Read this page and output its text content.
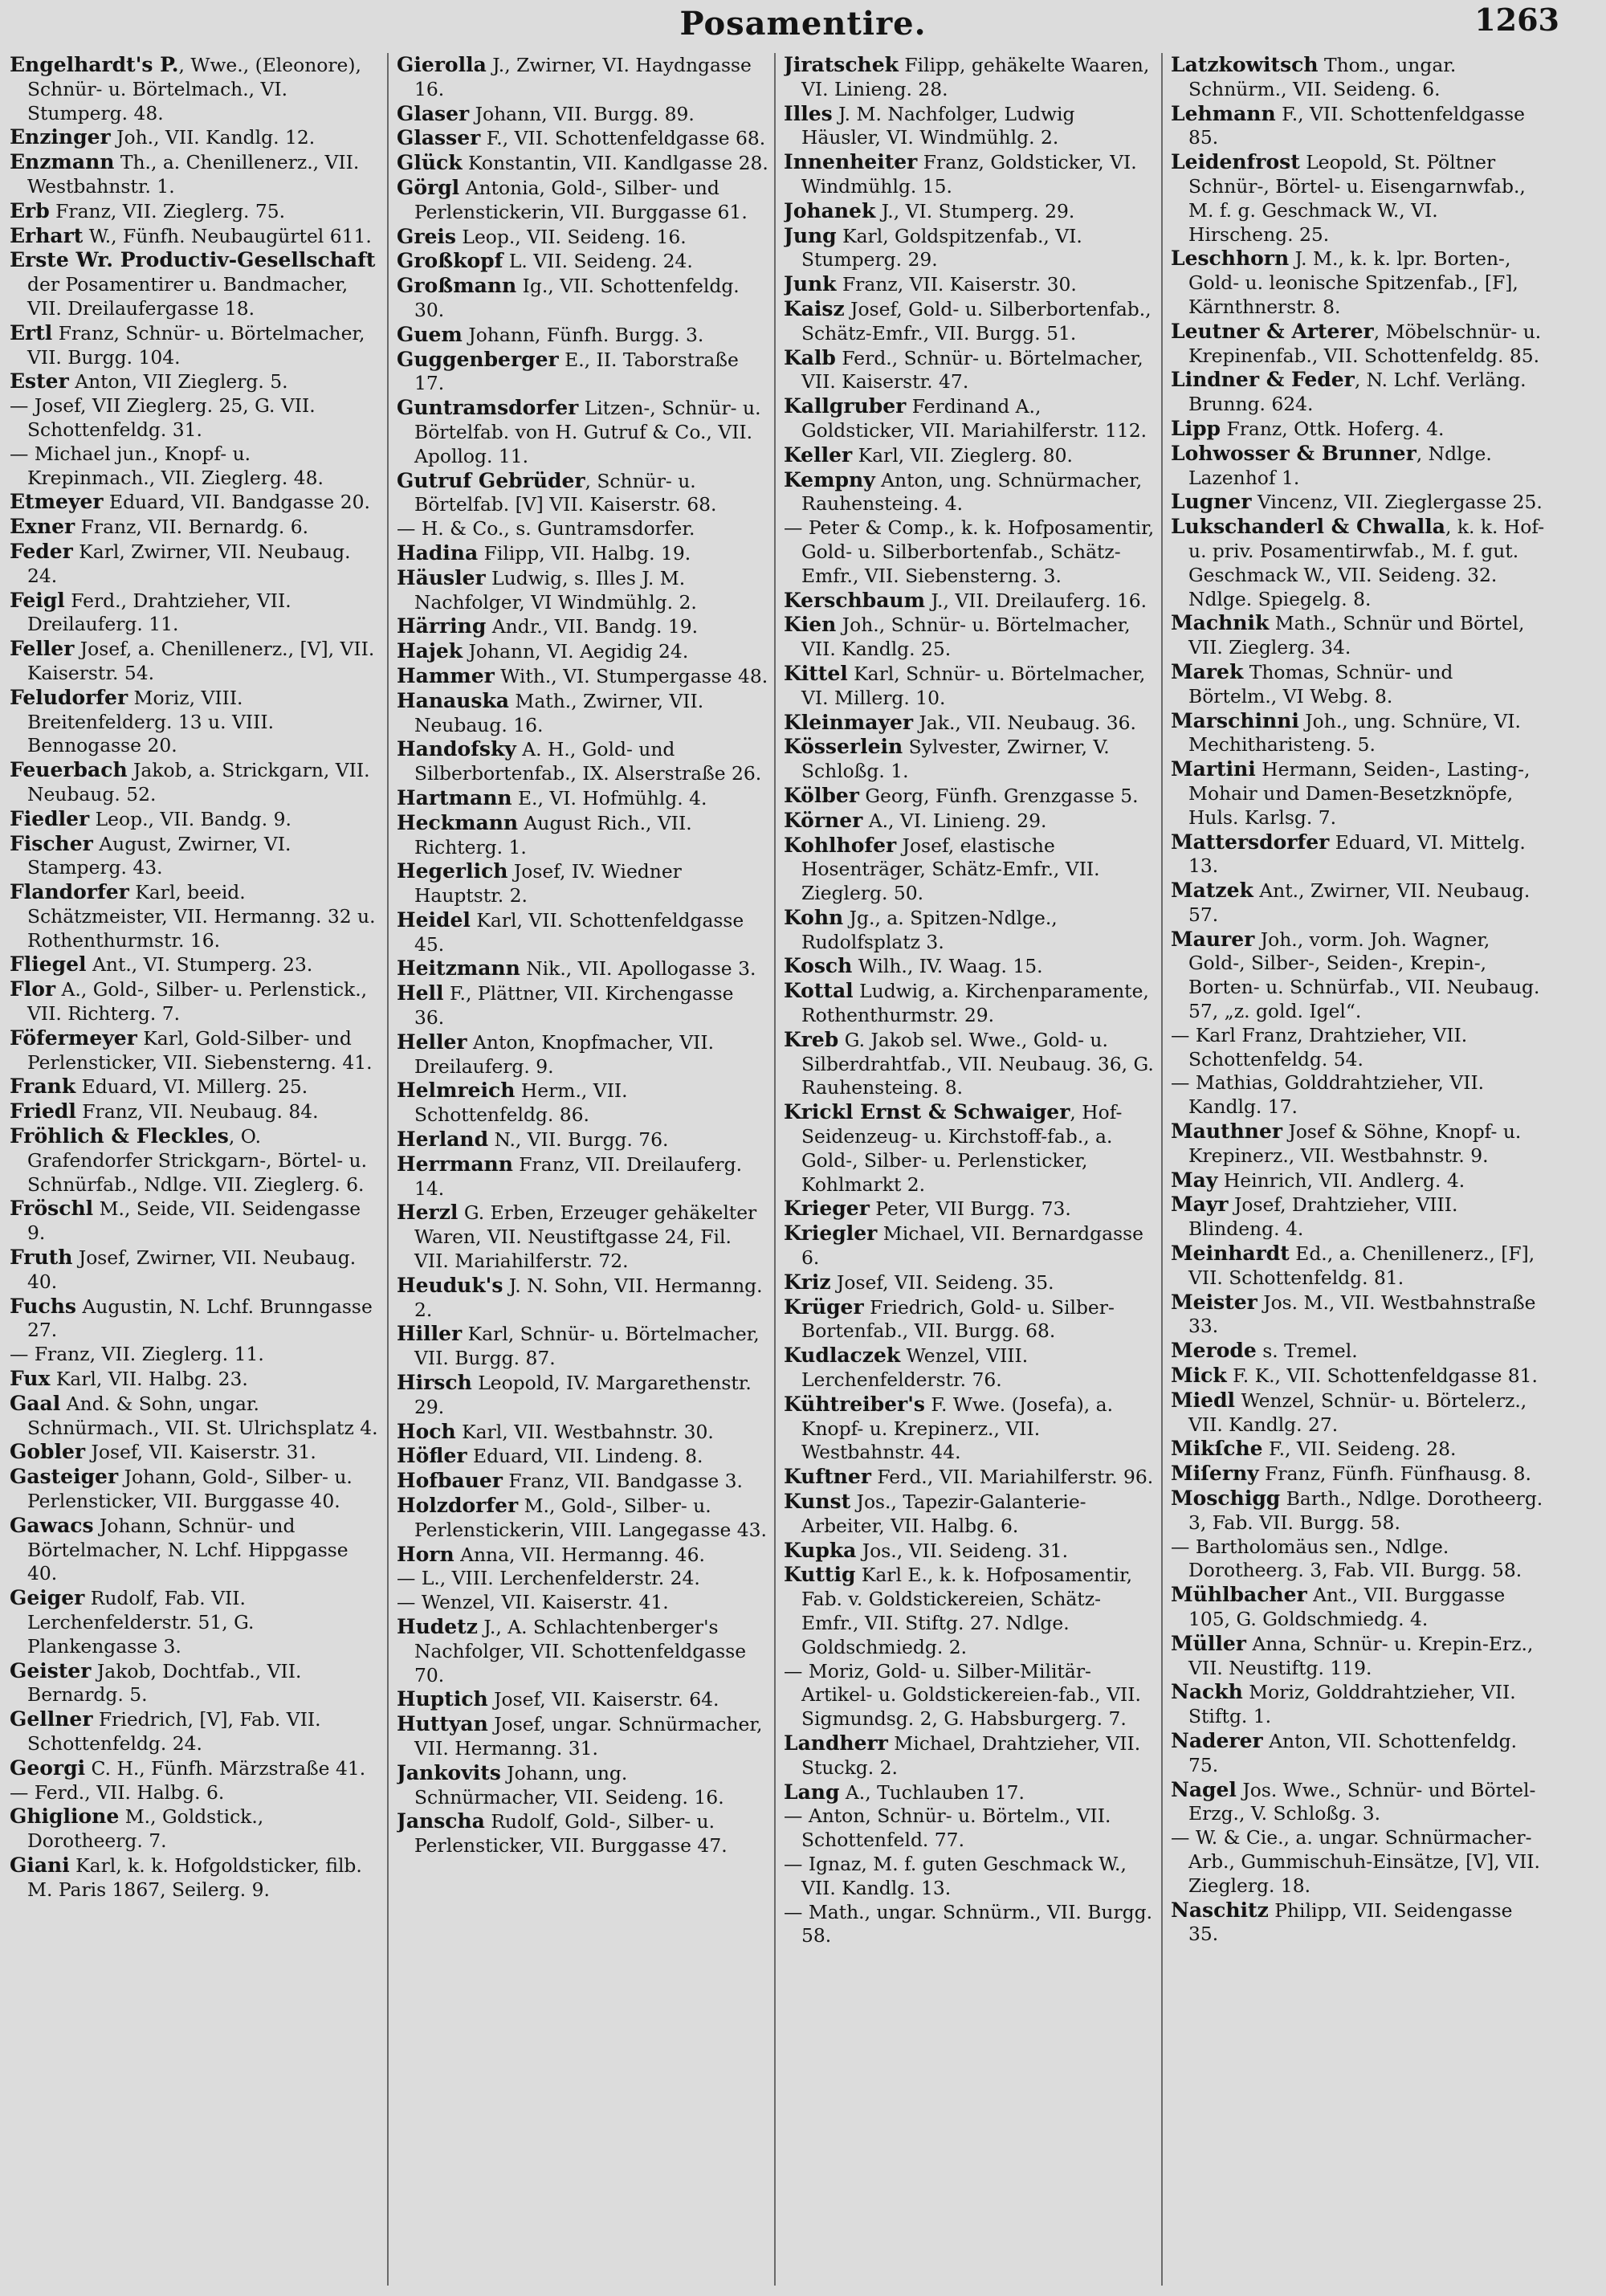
Posamentire.	1263

Engelhardt's P., Wwe., (Eleonore), Schnür- u. Börtelmach., VI. Stumperg. 48.

Enzinger Joh., VII. Kandlg. 12.

Enzmann Th., a. Chenillenerz., VII. Westbahnstr. 1.

Erb Franz, VII. Zieglerg. 75.

Erhart W., Fünfh. Neubaugürtel 611.

Erste Wr. Productiv-Gesellschaft der Posamentirer u. Bandmacher, VII. Dreilaufergasse 18.

Ertl Franz, Schnür- u. Börtelmacher, VII. Burgg. 104.

Ester Anton, VII Zieglerg. 5.

— Josef, VII Zieglerg. 25, G. VII. Schottenfeldg. 31.

— Michael jun., Knopf- u. Krepinmach., VII. Zieglerg. 48.

Etmeyer Eduard, VII. Bandgasse 20.

Exner Franz, VII. Bernardg. 6.

Feder Karl, Zwirner, VII. Neubaug. 24.

Feigl Ferd., Drahtzieher, VII. Dreilauferg. 11.

Feller Josef, a. Chenillenerz., [V], VII. Kaiserstr. 54.

Feludorfer Moriz, VIII. Breitenfelderg. 13 u. VIII. Bennogasse 20.

Feuerbach Jakob, a. Strickgarn, VII. Neubaug. 52.

Fiedler Leop., VII. Bandg. 9.

Fischer August, Zwirner, VI. Stamperg. 43.

Flandorfer Karl, beeid. Schätzmeister, VII. Hermanng. 32 u. Rothenthurmstr. 16.

Fliegel Ant., VI. Stumperg. 23.

Flor A., Gold-, Silber- u. Perlenstick., VII. Richterg. 7.

Föfermeyer Karl, Gold-Silber- und Perlensticker, VII. Siebensterng. 41.

Frank Eduard, VI. Millerg. 25.

Friedl Franz, VII. Neubaug. 84.

Fröhlich & Fleckles, O. Grafendorfer Strickgarn-, Börtel- u. Schnürfab., Ndlge. VII. Zieglerg. 6.

Fröschl M., Seide, VII. Seidengasse 9.

Fruth Josef, Zwirner, VII. Neubaug. 40.

Fuchs Augustin, N. Lchf. Brunngasse 27.

— Franz, VII. Zieglerg. 11.

Fux Karl, VII. Halbg. 23.

Gaal And. & Sohn, ungar. Schnürmach., VII. St. Ulrichsplatz 4.

Gobler Josef, VII. Kaiserstr. 31.

Gasteiger Johann, Gold-, Silber- u. Perlensticker, VII. Burggasse 40.

Gawacs Johann, Schnür- und Börtelmacher, N. Lchf. Hippgasse 40.

Geiger Rudolf, Fab. VII. Lerchenfelderstr. 51, G. Plankengasse 3.

Geister Jakob, Dochtfab., VII. Bernardg. 5.

Gellner Friedrich, [V], Fab. VII. Schottenfeldg. 24.

Georgi C. H., Fünfh. Märzstraße 41.

— Ferd., VII. Halbg. 6.

Ghiglione M., Goldstick., Dorotheerg. 7.

Giani Karl, k. k. Hofgoldsticker, filb. M. Paris 1867, Seilerg. 9.

Gierolla J., Zwirner, VI. Haydngasse 16.

Glaser Johann, VII. Burgg. 89.

Glasser F., VII. Schottenfeldgasse 68.

Glück Konstantin, VII. Kandlgasse 28.

Görgl Antonia, Gold-, Silber- und Perlenstickerin, VII. Burggasse 61.

Greis Leop., VII. Seideng. 16.

Großkopf L. VII. Seideng. 24.

Großmann Ig., VII. Schottenfeldg. 30.

Guem Johann, Fünfh. Burgg. 3.

Guggenberger E., II. Taborstraße 17.

Guntramsdorfer Litzen-, Schnür- u. Börtelfab. von H. Gutruf & Co., VII. Apollog. 11.

Gutruf Gebrüder, Schnür- u. Börtelfab. [V] VII. Kaiserstr. 68.

— H. & Co., s. Guntramsdorfer.

Hadina Filipp, VII. Halbg. 19.

Häusler Ludwig, s. Illes J. M. Nachfolger, VI Windmühlg. 2.

Härring Andr., VII. Bandg. 19.

Hajek Johann, VI. Aegidig 24.

Hammer With., VI. Stumpergasse 48.

Hanauska Math., Zwirner, VII. Neubaug. 16.

Handofsky A. H., Gold- und Silberbortenfab., IX. Alserstraße 26.

Hartmann E., VI. Hofmühlg. 4.

Heckmann August Rich., VII. Richterg. 1.

Hegerlich Josef, IV. Wiedner Hauptstr. 2.

Heidel Karl, VII. Schottenfeldgasse 45.

Heitzmann Nik., VII. Apollogasse 3.

Hell F., Plättner, VII. Kirchengasse 36.

Heller Anton, Knopfmacher, VII. Dreilauferg. 9.

Helmreich Herm., VII. Schottenfeldg. 86.

Herland N., VII. Burgg. 76.

Herrmann Franz, VII. Dreilauferg. 14.

Herzl G. Erben, Erzeuger gehäkelter Waren, VII. Neustiftgasse 24, Fil. VII. Mariahilferstr. 72.

Heuduk's J. N. Sohn, VII. Hermanng. 2.

Hiller Karl, Schnür- u. Börtelmacher, VII. Burgg. 87.

Hirsch Leopold, IV. Margarethenstr. 29.

Hoch Karl, VII. Westbahnstr. 30.

Höfler Eduard, VII. Lindeng. 8.

Hofbauer Franz, VII. Bandgasse 3.

Holzdorfer M., Gold-, Silber- u. Perlenstickerin, VIII. Langegasse 43.

Horn Anna, VII. Hermanng. 46.

— L., VIII. Lerchenfelderstr. 24.

— Wenzel, VII. Kaiserstr. 41.

Hudetz J., A. Schlachtenberger's Nachfolger, VII. Schottenfeldgasse 70.

Huptich Josef, VII. Kaiserstr. 64.

Huttyan Josef, ungar. Schnürmacher, VII. Hermanng. 31.

Jankovits Johann, ung. Schnürmacher, VII. Seideng. 16.

Janscha Rudolf, Gold-, Silber- u. Perlensticker, VII. Burggasse 47.

Jiratschek Filipp, gehäkelte Waaren, VI. Linieng. 28.

Illes J. M. Nachfolger, Ludwig Häusler, VI. Windmühlg. 2.

Innenheiter Franz, Goldsticker, VI. Windmühlg. 15.

Johanek J., VI. Stumperg. 29.

Jung Karl, Goldspitzenfab., VI. Stumperg. 29.

Junk Franz, VII. Kaiserstr. 30.

Kaisz Josef, Gold- u. Silberbortenfab., Schätz-Emfr., VII. Burgg. 51.

Kalb Ferd., Schnür- u. Börtelmacher, VII. Kaiserstr. 47.

Kallgruber Ferdinand A., Goldsticker, VII. Mariahilferstr. 112.

Keller Karl, VII. Zieglerg. 80.

Kempny Anton, ung. Schnürmacher, Rauhensteing. 4.

— Peter & Comp., k. k. Hofposamentir, Gold- u. Silberbortenfab., Schätz-Emfr., VII. Siebensterng. 3.

Kerschbaum J., VII. Dreilauferg. 16.

Kien Joh., Schnür- u. Börtelmacher, VII. Kandlg. 25.

Kittel Karl, Schnür- u. Börtelmacher, VI. Millerg. 10.

Kleinmayer Jak., VII. Neubaug. 36.

Kösserlein Sylvester, Zwirner, V. Schloßg. 1.

Kölber Georg, Fünfh. Grenzgasse 5.

Körner A., VI. Linieng. 29.

Kohlhofer Josef, elastische Hosenträger, Schätz-Emfr., VII. Zieglerg. 50.

Kohn Jg., a. Spitzen-Ndlge., Rudolfsplatz 3.

Kosch Wilh., IV. Waag. 15.

Kottal Ludwig, a. Kirchenparamente, Rothenthurmstr. 29.

Kreb G. Jakob sel. Wwe., Gold- u. Silberdrahtfab., VII. Neubaug. 36, G. Rauhensteing. 8.

Krickl Ernst & Schwaiger, Hof-Seidenzeug- u. Kirchstoff-fab., a. Gold-, Silber- u. Perlensticker, Kohlmarkt 2.

Krieger Peter, VII Burgg. 73.

Kriegler Michael, VII. Bernardgasse 6.

Kriz Josef, VII. Seideng. 35.

Krüger Friedrich, Gold- u. Silber-Bortenfab., VII. Burgg. 68.

Kudlaczek Wenzel, VIII. Lerchenfelderstr. 76.

Kühtreiber's F. Wwe. (Josefa), a. Knopf- u. Krepinerz., VII. Westbahnstr. 44.

Kuftner Ferd., VII. Mariahilferstr. 96.

Kunst Jos., Tapezir-Galanterie-Arbeiter, VII. Halbg. 6.

Kupka Jos., VII. Seideng. 31.

Kuttig Karl E., k. k. Hofposamentir, Fab. v. Goldstickereien, Schätz-Emfr., VII. Stiftg. 27. Ndlge. Goldschmiedg. 2.

— Moriz, Gold- u. Silber-Militär-Artikel- u. Goldstickereien-fab., VII. Sigmundsg. 2, G. Habsburgerg. 7.

Landherr Michael, Drahtzieher, VII. Stuckg. 2.

Lang A., Tuchlauben 17.

— Anton, Schnür- u. Börtelm., VII. Schottenfeld. 77.

— Ignaz, M. f. guten Geschmack W., VII. Kandlg. 13.

— Math., ungar. Schnürm., VII. Burgg. 58.

Latzkowitsch Thom., ungar. Schnürm., VII. Seideng. 6.

Lehmann F., VII. Schottenfeldgasse 85.

Leidenfrost Leopold, St. Pöltner Schnür-, Börtel- u. Eisengarnwfab., M. f. g. Geschmack W., VI. Hirscheng. 25.

Leschhorn J. M., k. k. lpr. Borten-, Gold- u. leonische Spitzenfab., [F], Kärnthnerstr. 8.

Leutner & Arterer, Möbelschnür- u. Krepinenfab., VII. Schottenfeldg. 85.

Lindner & Feder, N. Lchf. Verläng. Brunng. 624.

Lipp Franz, Ottk. Hoferg. 4.

Lohwosser & Brunner, Ndlge. Lazenhof 1.

Lugner Vincenz, VII. Zieglergasse 25.

Lukschanderl & Chwalla, k. k. Hof-u. priv. Posamentirwfab., M. f. gut. Geschmack W., VII. Seideng. 32. Ndlge. Spiegelg. 8.

Machnik Math., Schnür und Börtel, VII. Zieglerg. 34.

Marek Thomas, Schnür- und Börtelm., VI Webg. 8.

Marschinni Joh., ung. Schnüre, VI. Mechitharisteng. 5.

Martini Hermann, Seiden-, Lasting-, Mohair und Damen-Besetzknöpfe, Huls. Karlsg. 7.

Mattersdorfer Eduard, VI. Mittelg. 13.

Matzek Ant., Zwirner, VII. Neubaug. 57.

Maurer Joh., vorm. Joh. Wagner, Gold-, Silber-, Seiden-, Krepin-, Borten- u. Schnürfab., VII. Neubaug. 57, „z. gold. Igel“.

— Karl Franz, Drahtzieher, VII. Schottenfeldg. 54.

— Mathias, Golddrahtzieher, VII. Kandlg. 17.

Mauthner Josef & Söhne, Knopf- u. Krepinerz., VII. Westbahnstr. 9.

May Heinrich, VII. Andlerg. 4.

Mayr Josef, Drahtzieher, VIII. Blindeng. 4.

Meinhardt Ed., a. Chenillenerz., [F], VII. Schottenfeldg. 81.

Meister Jos. M., VII. Westbahnstraße 33.

Merode s. Tremel.

Mick F. K., VII. Schottenfeldgasse 81.

Miedl Wenzel, Schnür- u. Börtelerz., VII. Kandlg. 27.

Mikſche F., VII. Seideng. 28.

Miſerny Franz, Fünfh. Fünfhausg. 8.

Moschigg Barth., Ndlge. Dorotheerg. 3, Fab. VII. Burgg. 58.

— Bartholomäus sen., Ndlge. Dorotheerg. 3, Fab. VII. Burgg. 58.

Mühlbacher Ant., VII. Burggasse 105, G. Goldschmiedg. 4.

Müller Anna, Schnür- u. Krepin-Erz., VII. Neustiftg. 119.

Nackh Moriz, Golddrahtzieher, VII. Stiftg. 1.

Naderer Anton, VII. Schottenfeldg. 75.

Nagel Jos. Wwe., Schnür- und Börtel-Erzg., V. Schloßg. 3.

— W. & Cie., a. ungar. Schnürmacher-Arb., Gummischuh-Einsätze, [V], VII. Zieglerg. 18.

Naschitz Philipp, VII. Seidengasse 35.
